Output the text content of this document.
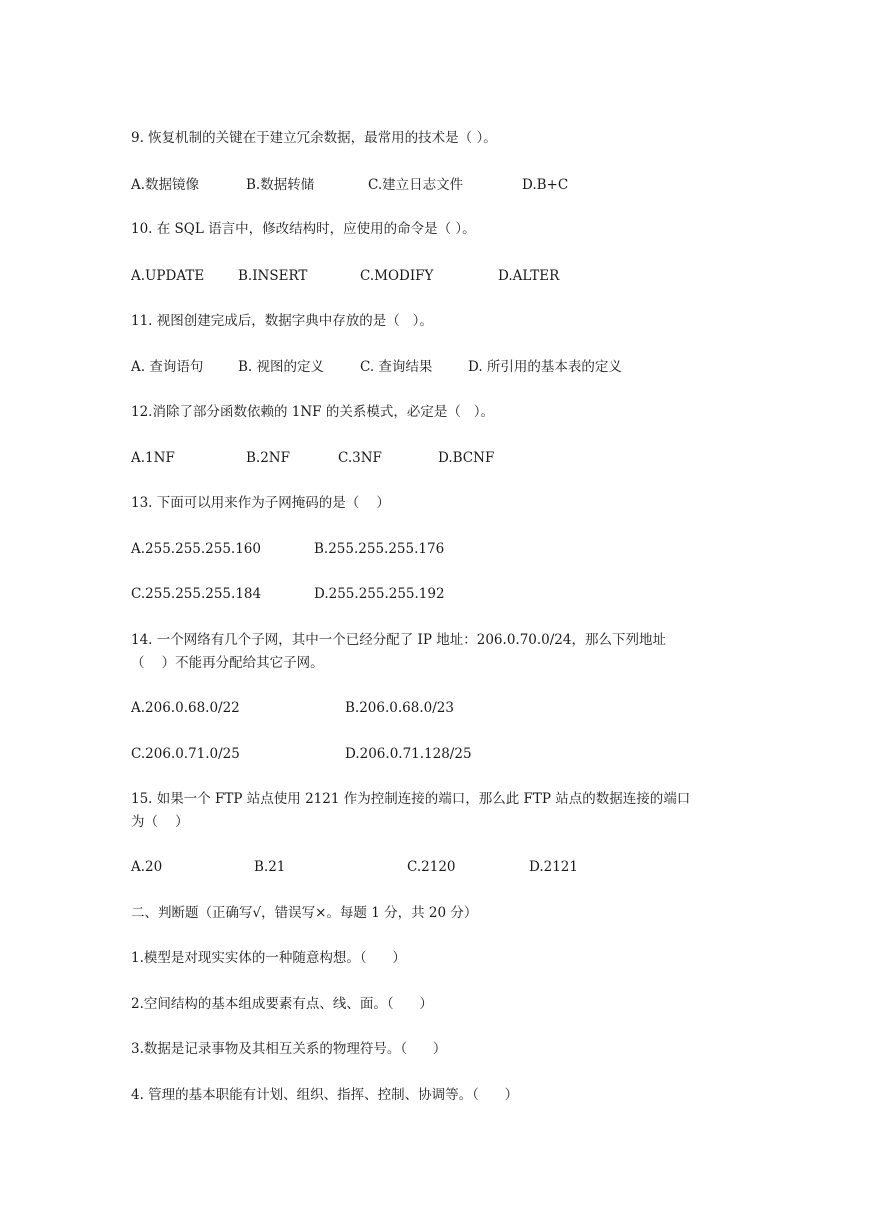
9. 恢复机制的关键在于建立冗余数据，最常用的技术是（ ）。
A.数据镜像	B.数据转储	C.建立日志文件	D.B+C
10. 在 SQL 语言中，修改结构时，应使用的命令是（ ）。
A.UPDATE	B.INSERT	C.MODIFY	D.ALTER
11. 视图创建完成后，数据字典中存放的是（   ）。
A. 查询语句	B. 视图的定义	C. 查询结果	D. 所引用的基本表的定义
12.消除了部分函数依赖的 1NF 的关系模式，必定是（   ）。
A.1NF	B.2NF	C.3NF	D.BCNF
13. 下面可以用来作为子网掩码的是（    ）
A.255.255.255.160	B.255.255.255.176
C.255.255.255.184	D.255.255.255.192
14. 一个网络有几个子网，其中一个已经分配了 IP 地址：206.0.70.0/24，那么下列地址
（    ）不能再分配给其它子网。
A.206.0.68.0/22	B.206.0.68.0/23
C.206.0.71.0/25	D.206.0.71.128/25
15. 如果一个 FTP 站点使用 2121 作为控制连接的端口，那么此 FTP 站点的数据连接的端口
为（    ）
A.20	B.21	C.2120	D.2121
二、判断题（正确写√，错误写×。每题 1 分，共 20 分）
1.模型是对现实实体的一种随意构想。（      ）
2.空间结构的基本组成要素有点、线、面。（      ）
3.数据是记录事物及其相互关系的物理符号。（      ）
4. 管理的基本职能有计划、组织、指挥、控制、协调等。（      ）
